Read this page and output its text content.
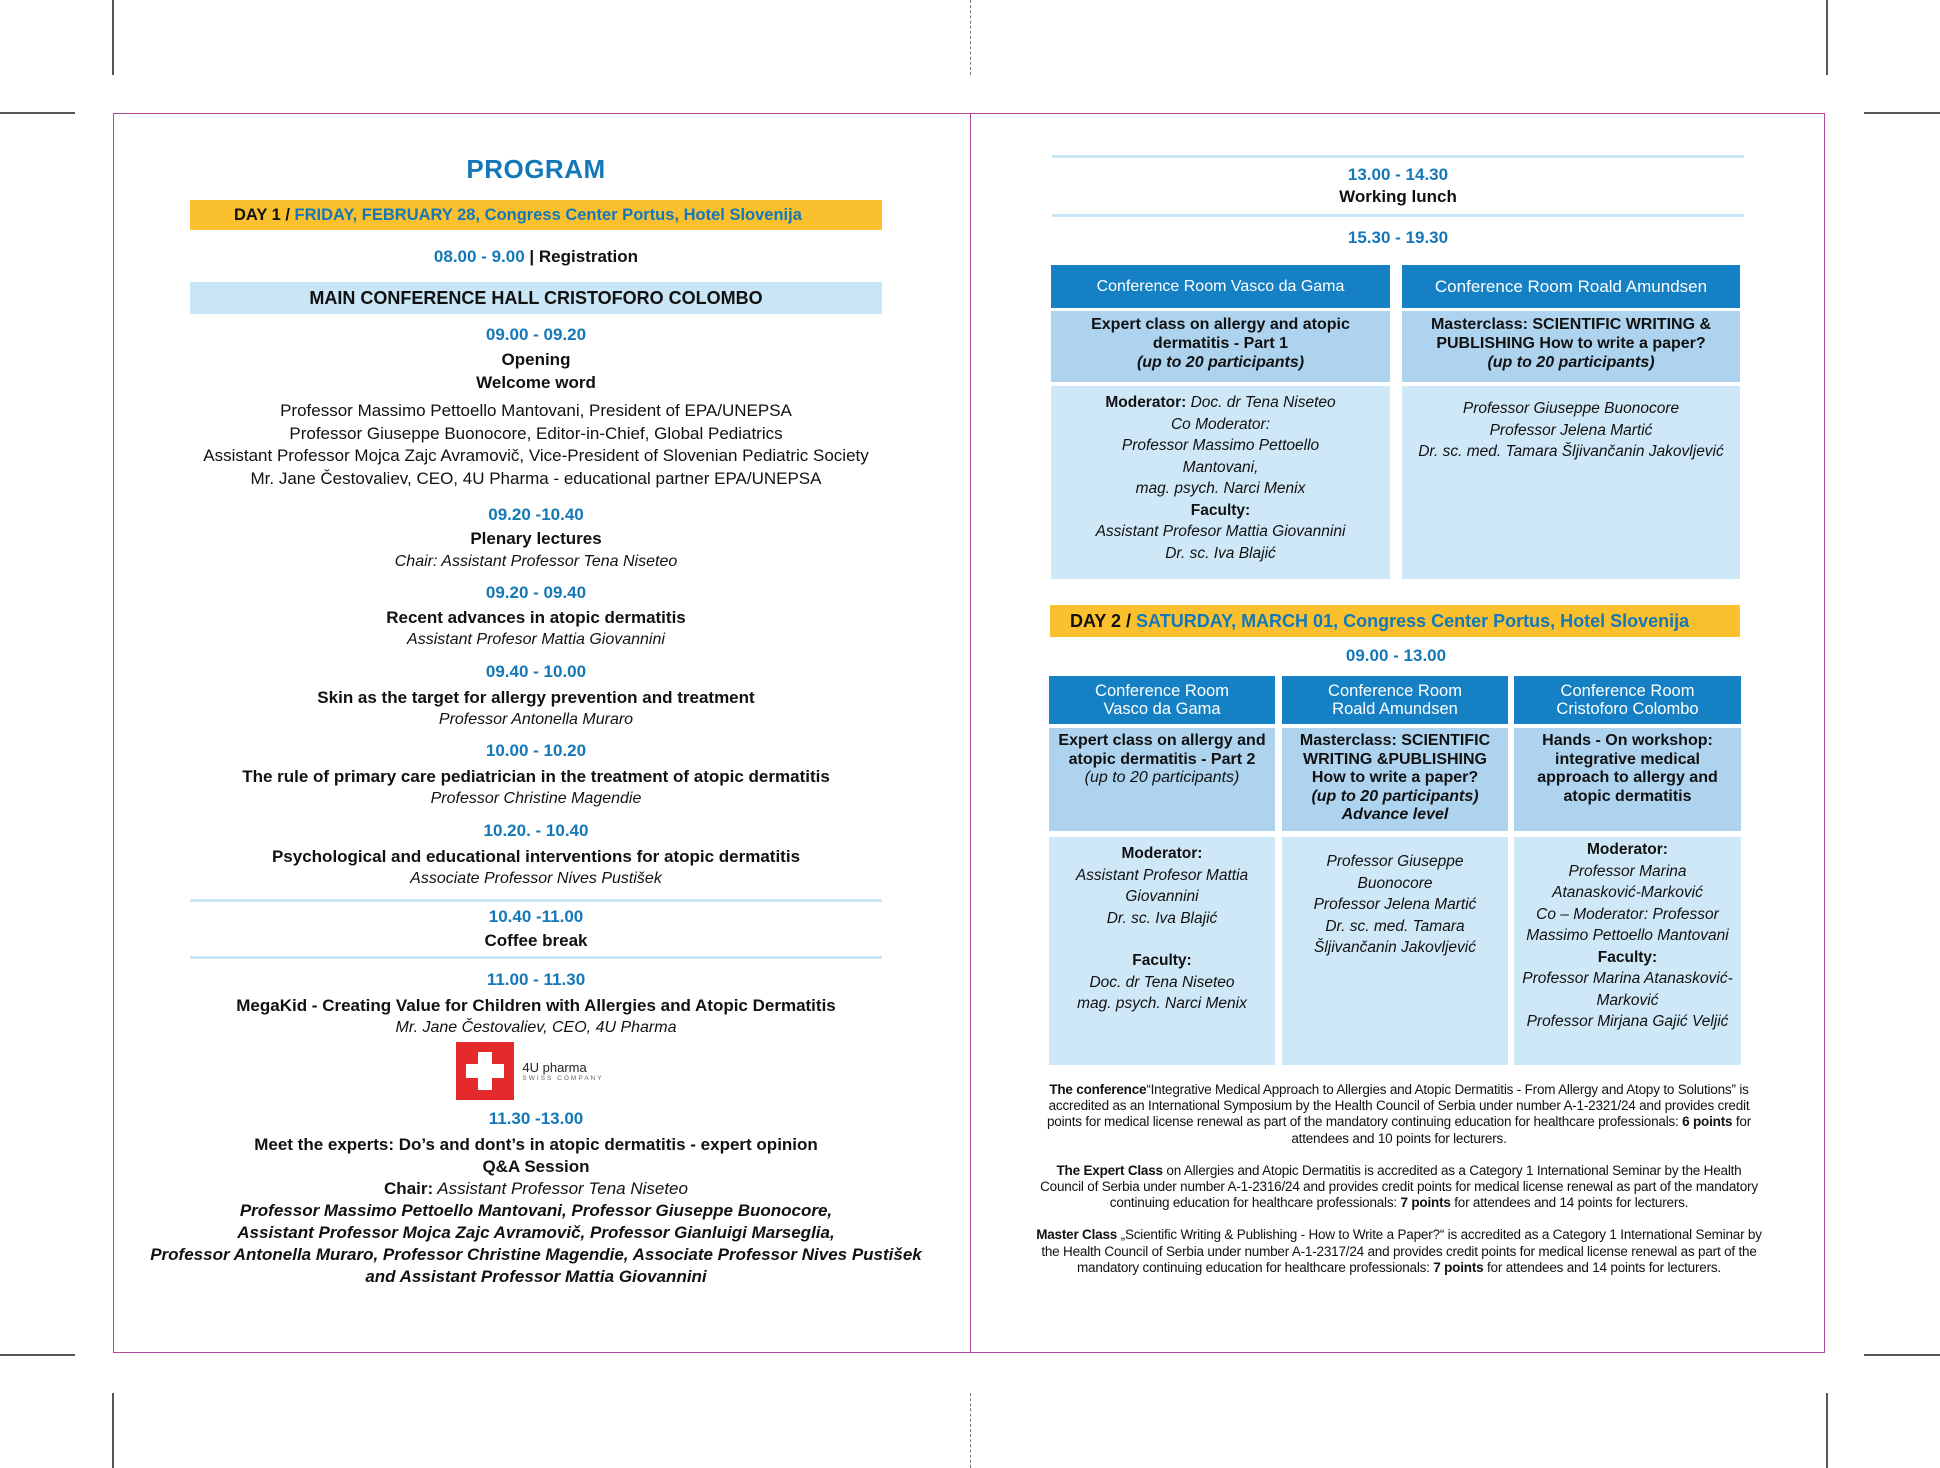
PROGRAM
DAY 1 / FRIDAY, FEBRUARY 28, Congress Center Portus, Hotel Slovenija
08.00 - 9.00 | Registration
MAIN CONFERENCE HALL CRISTOFORO COLOMBO
09.00 - 09.20
Opening
Welcome word
Professor Massimo Pettoello Mantovani, President of EPA/UNEPSA
Professor Giuseppe Buonocore, Editor-in-Chief, Global Pediatrics
Assistant Professor Mojca Zajc Avramovič, Vice-President of Slovenian Pediatric Society
Mr. Jane Čestovaliev, CEO, 4U Pharma - educational partner EPA/UNEPSA
09.20 -10.40
Plenary lectures
Chair: Assistant Professor Tena Niseteo
09.20 - 09.40
Recent advances in atopic dermatitis
Assistant Profesor Mattia Giovannini
09.40 - 10.00
Skin as the target for allergy prevention and treatment
Professor Antonella Muraro
10.00 - 10.20
The rule of primary care pediatrician in the treatment of atopic dermatitis
Professor Christine Magendie
10.20. - 10.40
Psychological and educational interventions for atopic dermatitis
Associate Professor Nives Pustišek
10.40 -11.00
Coffee break
11.00 - 11.30
MegaKid - Creating Value for Children with Allergies and Atopic Dermatitis
Mr. Jane Čestovaliev, CEO, 4U Pharma
4U pharma
SWISS COMPANY
11.30 -13.00
Meet the experts: Do’s and dont’s in atopic dermatitis - expert opinion
Q&A Session
Chair: Assistant Professor Tena Niseteo
Professor Massimo Pettoello Mantovani, Professor Giuseppe Buonocore,
Assistant Professor Mojca Zajc Avramovič, Professor Gianluigi Marseglia,
Professor Antonella Muraro, Professor Christine Magendie, Associate Professor Nives Pustišek
and Assistant Professor Mattia Giovannini
13.00 - 14.30
Working lunch
15.30 - 19.30
Conference Room Vasco da Gama	Conference Room Roald Amundsen
Expert class on allergy and atopic
dermatitis - Part 1
(up to 20 participants)
Masterclass: SCIENTIFIC WRITING &
PUBLISHING How to write a paper?
(up to 20 participants)
Moderator: Doc. dr Tena Niseteo
Co Moderator:
Professor Massimo Pettoello
Mantovani,
mag. psych. Narci Menix
Faculty:
Assistant Profesor Mattia Giovannini
Dr. sc. Iva Blajić
Professor Giuseppe Buonocore
Professor Jelena Martić
Dr. sc. med. Tamara Šljivančanin Jakovljević
DAY 2 / SATURDAY, MARCH 01, Congress Center Portus, Hotel Slovenija
09.00 - 13.00
Conference Room
Vasco da Gama
Conference Room
Roald Amundsen
Conference Room
Cristoforo Colombo
Expert class on allergy and
atopic dermatitis - Part 2
(up to 20 participants)
Masterclass: SCIENTIFIC
WRITING &PUBLISHING
How to write a paper?
(up to 20 participants)
Advance level
Hands - On workshop:
integrative medical
approach to allergy and
atopic dermatitis
Moderator:
Assistant Profesor Mattia
Giovannini
Dr. sc. Iva Blajić
Faculty:
Doc. dr Tena Niseteo
mag. psych. Narci Menix
Professor Giuseppe
Buonocore
Professor Jelena Martić
Dr. sc. med. Tamara
Šljivančanin Jakovljević
Moderator:
Professor Marina
Atanasković-Marković
Co – Moderator: Professor
Massimo Pettoello Mantovani
Faculty:
Professor Marina Atanasković-
Marković
Professor Mirjana Gajić Veljić

The conference“Integrative Medical Approach to Allergies and Atopic Dermatitis - From Allergy and Atopy to Solutions” is accredited as an International Symposium by the Health Council of Serbia under number A-1-2321/24 and provides credit points for medical license renewal as part of the mandatory continuing education for healthcare professionals: 6 points for attendees and 10 points for lecturers.

The Expert Class on Allergies and Atopic Dermatitis is accredited as a Category 1 International Seminar by the Health Council of Serbia under number A-1-2316/24 and provides credit points for medical license renewal as part of the mandatory continuing education for healthcare professionals: 7 points for attendees and 14 points for lecturers.

Master Class „Scientific Writing & Publishing - How to Write a Paper?“ is accredited as a Category 1 International Seminar by the Health Council of Serbia under number A-1-2317/24 and provides credit points for medical license renewal as part of the mandatory continuing education for healthcare professionals: 7 points for attendees and 14 points for lecturers.
